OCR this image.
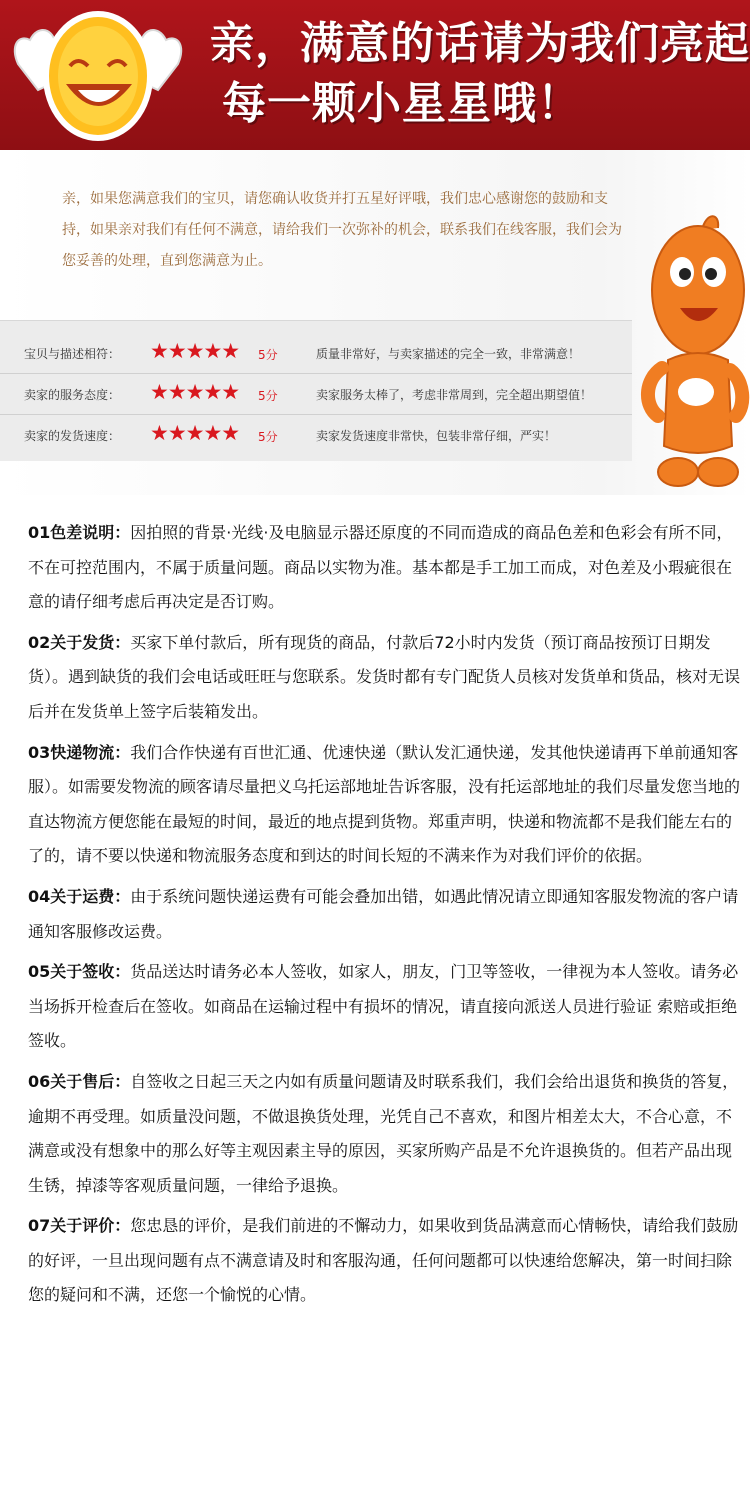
亲，满意的话请为我们亮起
每一颗小星星哦！
亲，如果您满意我们的宝贝，请您确认收货并打五星好评哦，我们忠心感谢您的鼓励和支持，如果亲对我们有任何不满意，请给我们一次弥补的机会，联系我们在线客服，我们会为您妥善的处理，直到您满意为止。
宝贝与描述相符：	★★★★★ 5分	质量非常好，与卖家描述的完全一致，非常满意！
卖家的服务态度：	★★★★★ 5分	卖家服务太棒了，考虑非常周到，完全超出期望值！
卖家的发货速度：	★★★★★ 5分	卖家发货速度非常快，包装非常仔细，严实！

01色差说明：因拍照的背景·光线·及电脑显示器还原度的不同而造成的商品色差和色彩会有所不同，不在可控范围内，不属于质量问题。商品以实物为准。基本都是手工加工而成，对色差及小瑕疵很在意的请仔细考虑后再决定是否订购。

02关于发货：买家下单付款后，所有现货的商品，付款后72小时内发货（预订商品按预订日期发货）。遇到缺货的我们会电话或旺旺与您联系。发货时都有专门配货人员核对发货单和货品，核对无误后并在发货单上签字后装箱发出。

03快递物流：我们合作快递有百世汇通、优速快递（默认发汇通快递，发其他快递请再下单前通知客服）。如需要发物流的顾客请尽量把义乌托运部地址告诉客服，没有托运部地址的我们尽量发您当地的直达物流方便您能在最短的时间，最近的地点提到货物。郑重声明，快递和物流都不是我们能左右的了的，请不要以快递和物流服务态度和到达的时间长短的不满来作为对我们评价的依据。

04关于运费：由于系统问题快递运费有可能会叠加出错，如遇此情况请立即通知客服发物流的客户请通知客服修改运费。

05关于签收：货品送达时请务必本人签收，如家人，朋友，门卫等签收，一律视为本人签收。请务必当场拆开检查后在签收。如商品在运输过程中有损坏的情况，请直接向派送人员进行验证 索赔或拒绝签收。

06关于售后：自签收之日起三天之内如有质量问题请及时联系我们，我们会给出退货和换货的答复，逾期不再受理。如质量没问题，不做退换货处理，光凭自己不喜欢，和图片相差太大，不合心意，不满意或没有想象中的那么好等主观因素主导的原因，买家所购产品是不允许退换货的。但若产品出现生锈，掉漆等客观质量问题，一律给予退换。

07关于评价：您忠恳的评价，是我们前进的不懈动力，如果收到货品满意而心情畅快，请给我们鼓励的好评，一旦出现问题有点不满意请及时和客服沟通，任何问题都可以快速给您解决，第一时间扫除您的疑问和不满，还您一个愉悦的心情。
